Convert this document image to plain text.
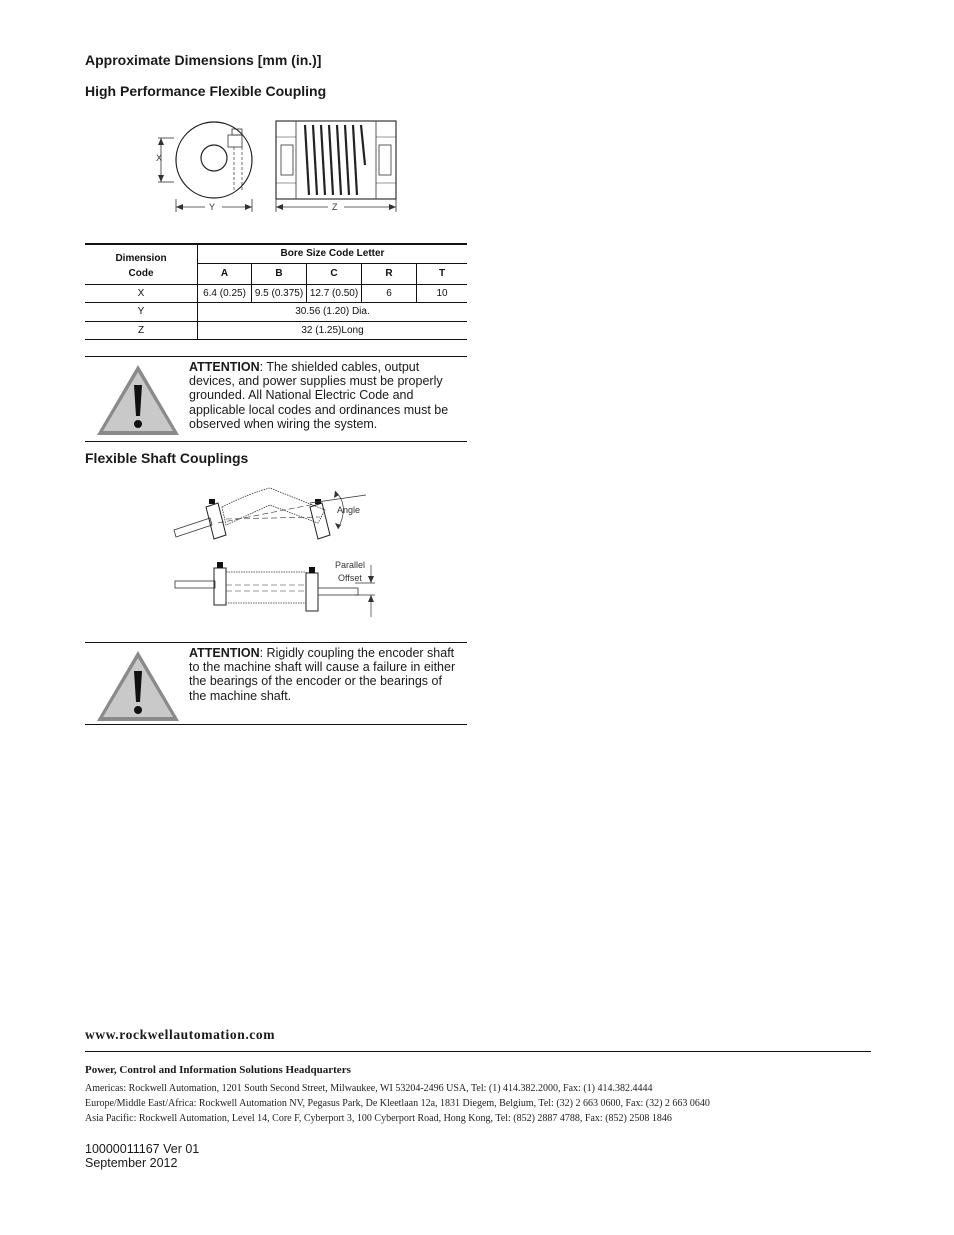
Approximate Dimensions [mm (in.)]
High Performance Flexible Coupling
X
Y	Z
Dimension
Code	Bore Size Code Letter				
	A	B	C	R	T
X	6.4 (0.25)	9.5 (0.375)	12.7 (0.50)	6	10
Y	30.56 (1.20) Dia.				
Z	32 (1.25)Long				
ATTENTION: The shielded cables, output devices, and power supplies must be properly grounded. All National Electric Code and applicable local codes and ordinances must be observed when wiring the system.
Flexible Shaft Couplings
Angle
Parallel
Offset
ATTENTION: Rigidly coupling the encoder shaft to the machine shaft will cause a failure in either the bearings of the encoder or the bearings of the machine shaft.
www.rockwellautomation.com
Power, Control and Information Solutions Headquarters
Americas: Rockwell Automation, 1201 South Second Street, Milwaukee, WI 53204-2496 USA, Tel: (1) 414.382.2000, Fax: (1) 414.382.4444
Europe/Middle East/Africa: Rockwell Automation NV, Pegasus Park, De Kleetlaan 12a, 1831 Diegem, Belgium, Tel: (32) 2 663 0600, Fax: (32) 2 663 0640
Asia Pacific: Rockwell Automation, Level 14, Core F, Cyberport 3, 100 Cyberport Road, Hong Kong, Tel: (852) 2887 4788, Fax: (852) 2508 1846
10000011167 Ver 01
September 2012
